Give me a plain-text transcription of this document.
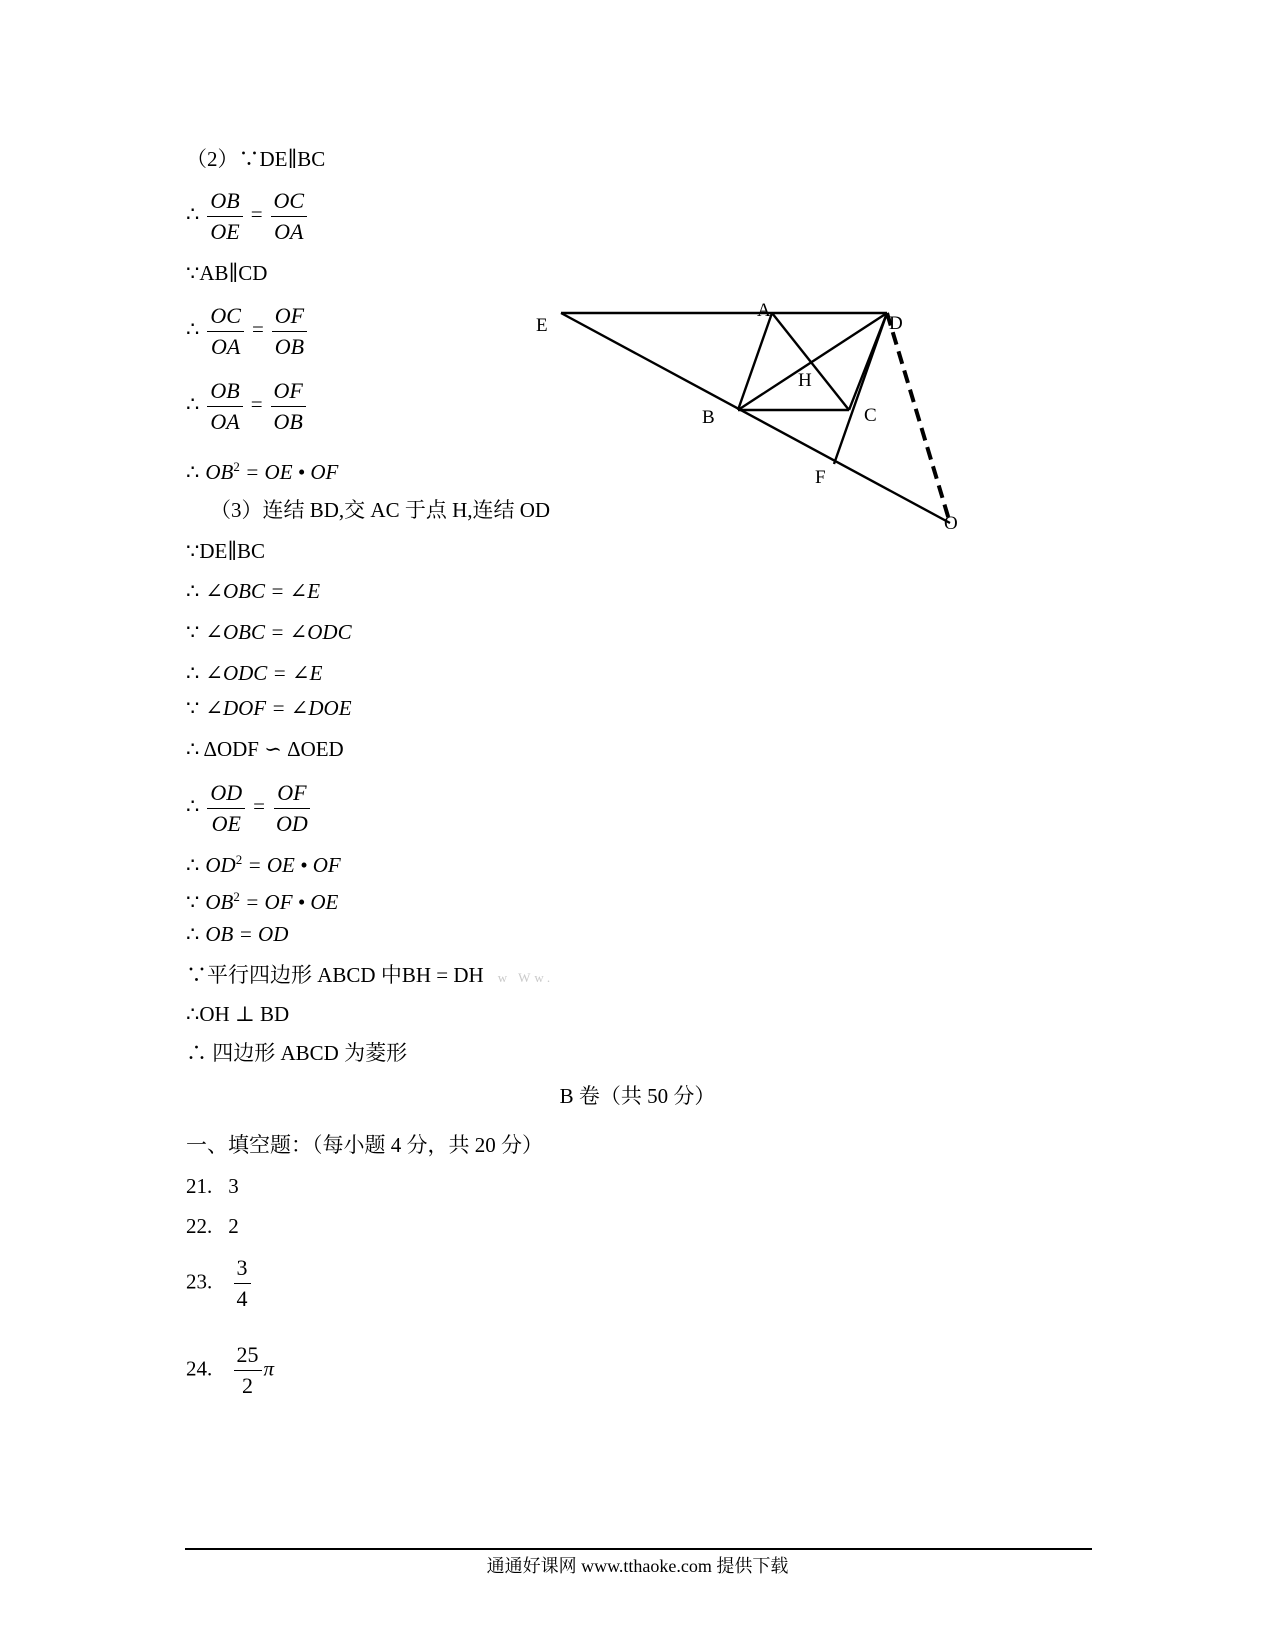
（2）∵DE∥BC
∴ $\frac{OB}{OE} = \frac{OC}{OA}$
∵AB∥CD
∴ $\frac{OC}{OA} = \frac{OF}{OB}$
∴ $\frac{OB}{OA} = \frac{OF}{OB}$
∴ $OB^2$ = OE • OF
（3）连结 BD,交 AC 于点 H,连结 OD
∵DE∥BC
∴ ∠OBC = ∠E
∵ ∠OBC = ∠ODC
∴ ∠ODC = ∠E
∵ ∠DOF = ∠DOE
∴ ΔODF ∽ ΔOED
∴ $\frac{OD}{OE} = \frac{OF}{OD}$
∴ $OD^2$ = OE • OF
∵ $OB^2$ = OF • OE
∴ OB = OD
∵平行四边形 ABCD 中BH = DH w Ww.
∴OH ⊥ BD
∴ 四边形 ABCD 为菱形
B 卷（共 50 分）
一、填空题：（每小题 4 分，共 20 分）
21. 3
22. 2
23. $\frac{3}{4}$
24. $\frac{25}{2}$ π
E
A
D
H
B	C
F
O
通通好课网 www.tthaoke.com 提供下载
